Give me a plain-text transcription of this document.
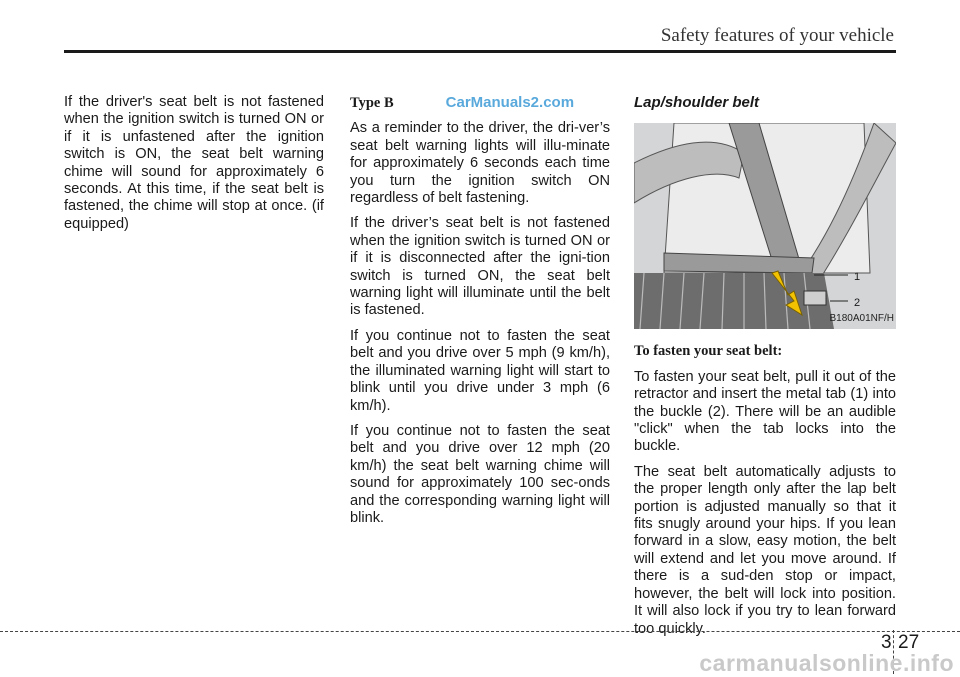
Safety features of your vehicle

If the driver's seat belt is not fastened when the ignition switch is turned ON or if it is unfastened after the ignition switch is ON, the seat belt warning chime will sound for approximately 6 seconds. At this time, if the seat belt is fastened, the chime will stop at once. (if equipped)

Type B	CarManuals2.com

As a reminder to the driver, the dri-ver’s seat belt warning lights will illu-minate for approximately 6 seconds each time you turn the ignition switch ON regardless of belt fastening.

If the driver’s seat belt is not fastened when the ignition switch is turned ON or if it is disconnected after the igni-tion switch is turned ON, the seat belt warning light will illuminate until the belt is fastened.

If you continue not to fasten the seat belt and you drive over 5 mph (9 km/h), the illuminated warning light will start to blink until you drive under 3 mph (6 km/h).

If you continue not to fasten the seat belt and you drive over 12 mph (20 km/h) the seat belt warning chime will sound for approximately 100 sec-onds and the corresponding warning light will blink.

Lap/shoulder belt
1
2
B180A01NF/H
To fasten your seat belt:

To fasten your seat belt, pull it out of the retractor and insert the metal tab (1) into the buckle (2). There will be an audible "click" when the tab locks into the buckle.

The seat belt automatically adjusts to the proper length only after the lap belt portion is adjusted manually so that it fits snugly around your hips. If you lean forward in a slow, easy motion, the belt will extend and let you move around. If there is a sud-den stop or impact, however, the belt will lock into position. It will also lock if you try to lean forward too quickly.

3 27
carmanualsonline.info
